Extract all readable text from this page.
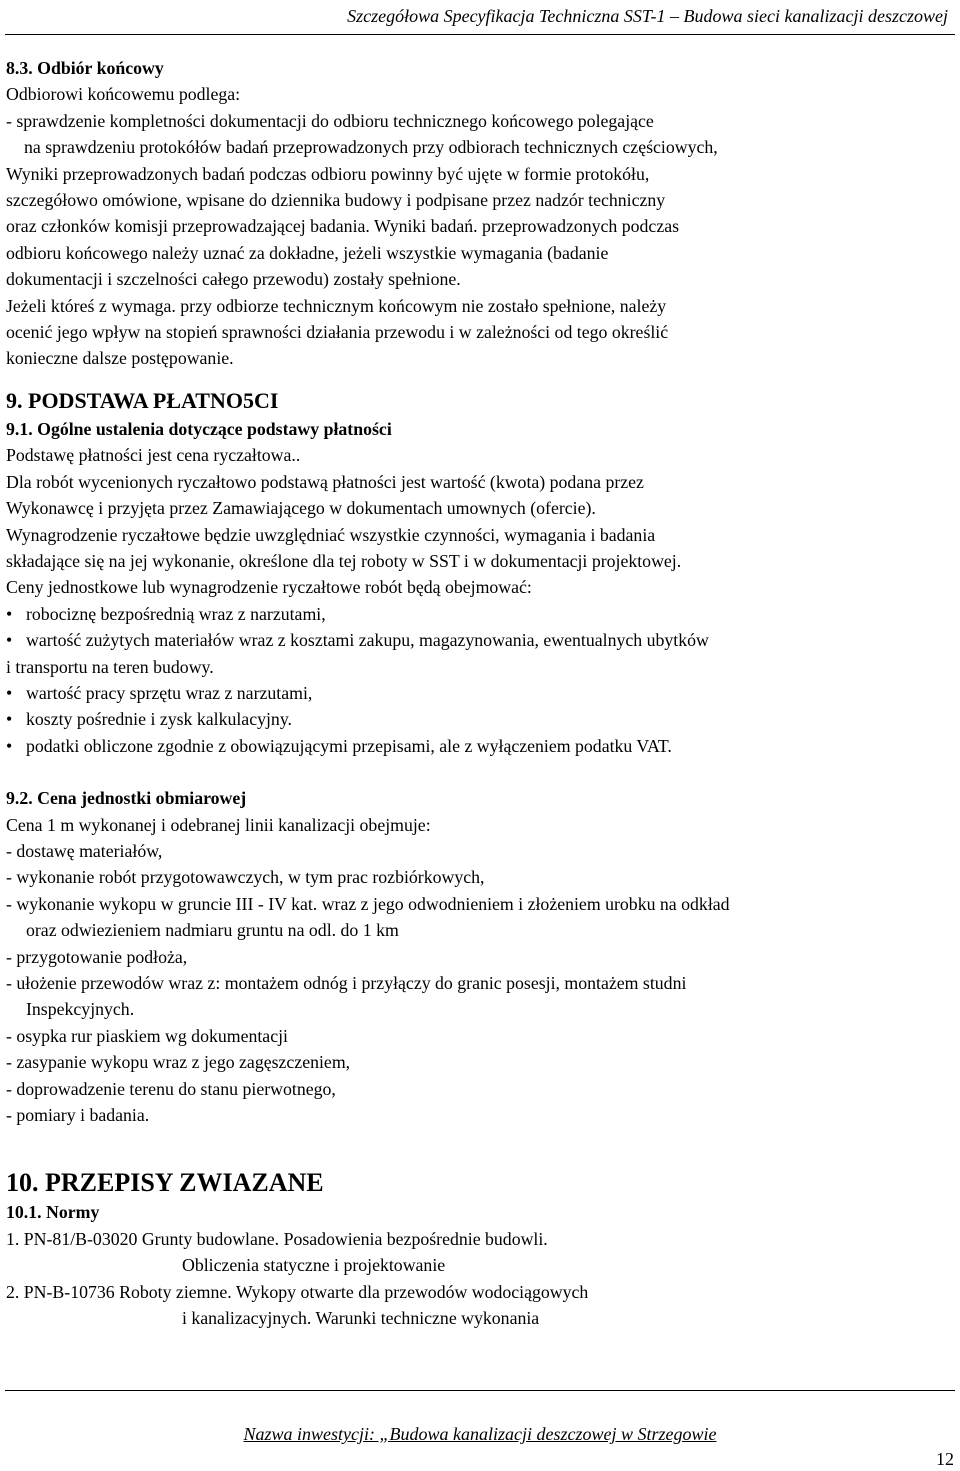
Szczegółowa Specyfikacja Techniczna SST-1 – Budowa sieci kanalizacji deszczowej

8.3. Odbiór końcowy

Odbiorowi końcowemu podlega:

- sprawdzenie kompletności dokumentacji do odbioru technicznego końcowego polegające

na sprawdzeniu protokółów badań przeprowadzonych przy odbiorach technicznych częściowych,

Wyniki przeprowadzonych badań podczas odbioru powinny być ujęte w formie protokółu,

szczegółowo omówione, wpisane do dziennika budowy i podpisane przez nadzór techniczny

oraz członków komisji przeprowadzającej badania. Wyniki badań. przeprowadzonych podczas

odbioru końcowego należy uznać za dokładne, jeżeli wszystkie wymagania (badanie

dokumentacji i szczelności całego przewodu) zostały spełnione.

Jeżeli któreś z wymaga. przy odbiorze technicznym końcowym nie zostało spełnione, należy

ocenić jego wpływ na stopień sprawności działania przewodu i w zależności od tego określić

konieczne dalsze postępowanie.

9. PODSTAWA PŁATNO5CI

9.1. Ogólne ustalenia dotyczące podstawy płatności

Podstawę płatności jest cena ryczałtowa..

Dla robót wycenionych ryczałtowo podstawą płatności jest wartość (kwota) podana przez

Wykonawcę i przyjęta przez Zamawiającego w dokumentach umownych (ofercie).

Wynagrodzenie ryczałtowe będzie uwzględniać wszystkie czynności, wymagania i badania

składające się na jej wykonanie, określone dla tej roboty w SST i w dokumentacji projektowej.

Ceny jednostkowe lub wynagrodzenie ryczałtowe robót będą obejmować:

• robociznę bezpośrednią wraz z narzutami,

• wartość zużytych materiałów wraz z kosztami zakupu, magazynowania, ewentualnych ubytków

i transportu na teren budowy.

• wartość pracy sprzętu wraz z narzutami,

• koszty pośrednie i zysk kalkulacyjny.

• podatki obliczone zgodnie z obowiązującymi przepisami, ale z wyłączeniem podatku VAT.

9.2. Cena jednostki obmiarowej

Cena 1 m wykonanej i odebranej linii kanalizacji obejmuje:

- dostawę materiałów,

- wykonanie robót przygotowawczych, w tym prac rozbiórkowych,

- wykonanie wykopu w gruncie III - IV kat. wraz z jego odwodnieniem i złożeniem urobku na odkład

oraz odwiezieniem nadmiaru gruntu na odl. do 1 km

- przygotowanie podłoża,

- ułożenie przewodów wraz z: montażem odnóg i przyłączy do granic posesji, montażem studni

Inspekcyjnych.

- osypka rur piaskiem wg dokumentacji

- zasypanie wykopu wraz z jego zagęszczeniem,

- doprowadzenie terenu do stanu pierwotnego,

- pomiary i badania.

10. PRZEPISY ZWIAZANE

10.1. Normy

1. PN-81/B-03020 Grunty budowlane. Posadowienia bezpośrednie budowli.

Obliczenia statyczne i projektowanie

2. PN-B-10736 Roboty ziemne. Wykopy otwarte dla przewodów wodociągowych

i kanalizacyjnych. Warunki techniczne wykonania

Nazwa inwestycji: „Budowa kanalizacji deszczowej w Strzegowie
12
